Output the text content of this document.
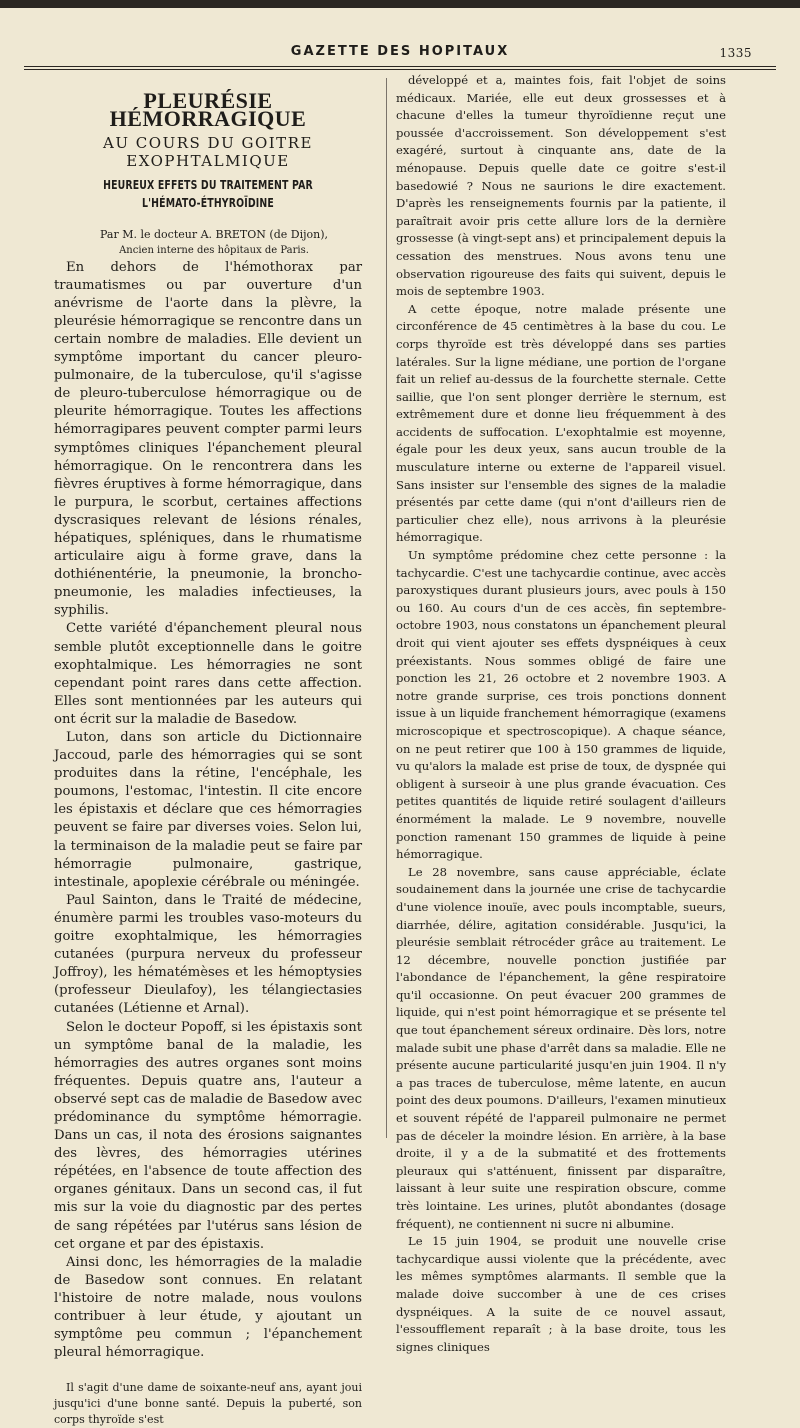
GAZETTE DES HOPITAUX	1335
PLEURÉSIE HÉMORRAGIQUE
AU COURS DU GOITRE EXOPHTALMIQUE
HEUREUX EFFETS DU TRAITEMENT PAR L'HÉMATO-ÉTHYROÏDINE

Par M. le docteur A. BRETON (de Dijon),

Ancien interne des hôpitaux de Paris.

En dehors de l'hémothorax par traumatismes ou par ouverture d'un anévrisme de l'aorte dans la plèvre, la pleurésie hémorragique se rencontre dans un certain nombre de maladies. Elle devient un symptôme important du cancer pleuro-pulmonaire, de la tuberculose, qu'il s'agisse de pleuro-tuberculose hémorragique ou de pleurite hémorragique. Toutes les affections hémorragipares peuvent compter parmi leurs symptômes cliniques l'épanchement pleural hémorragique. On le rencontrera dans les fièvres éruptives à forme hémorragique, dans le purpura, le scorbut, certaines affections dyscrasiques relevant de lésions rénales, hépatiques, spléniques, dans le rhumatisme articulaire aigu à forme grave, dans la dothiénentérie, la pneumonie, la broncho-pneumonie, les maladies infectieuses, la syphilis.

Cette variété d'épanchement pleural nous semble plutôt exceptionnelle dans le goitre exophtalmique. Les hémorragies ne sont cependant point rares dans cette affection. Elles sont mentionnées par les auteurs qui ont écrit sur la maladie de Basedow.

Luton, dans son article du Dictionnaire Jaccoud, parle des hémorragies qui se sont produites dans la rétine, l'encéphale, les poumons, l'estomac, l'intestin. Il cite encore les épistaxis et déclare que ces hémorragies peuvent se faire par diverses voies. Selon lui, la terminaison de la maladie peut se faire par hémorragie pulmonaire, gastrique, intestinale, apoplexie cérébrale ou méningée.

Paul Sainton, dans le Traité de médecine, énumère parmi les troubles vaso-moteurs du goitre exophtalmique, les hémorragies cutanées (purpura nerveux du professeur Joffroy), les hématémèses et les hémoptysies (professeur Dieulafoy), les télangiectasies cutanées (Létienne et Arnal).

Selon le docteur Popoff, si les épistaxis sont un symptôme banal de la maladie, les hémorragies des autres organes sont moins fréquentes. Depuis quatre ans, l'auteur a observé sept cas de maladie de Basedow avec prédominance du symptôme hémorragie. Dans un cas, il nota des érosions saignantes des lèvres, des hémorragies utérines répétées, en l'absence de toute affection des organes génitaux. Dans un second cas, il fut mis sur la voie du diagnostic par des pertes de sang répétées par l'utérus sans lésion de cet organe et par des épistaxis.

Ainsi donc, les hémorragies de la maladie de Basedow sont connues. En relatant l'histoire de notre malade, nous voulons contribuer à leur étude, y ajoutant un symptôme peu commun ; l'épanchement pleural hémorragique.

Il s'agit d'une dame de soixante-neuf ans, ayant joui jusqu'ici d'une bonne santé. Depuis la puberté, son corps thyroïde s'est

développé et a, maintes fois, fait l'objet de soins médicaux. Mariée, elle eut deux grossesses et à chacune d'elles la tumeur thyroïdienne reçut une poussée d'accroissement. Son développement s'est exagéré, surtout à cinquante ans, date de la ménopause. Depuis quelle date ce goitre s'est-il basedowié ? Nous ne saurions le dire exactement. D'après les renseignements fournis par la patiente, il paraîtrait avoir pris cette allure lors de la dernière grossesse (à vingt-sept ans) et principalement depuis la cessation des menstrues. Nous avons tenu une observation rigoureuse des faits qui suivent, depuis le mois de septembre 1903.

A cette époque, notre malade présente une circonférence de 45 centimètres à la base du cou. Le corps thyroïde est très développé dans ses parties latérales. Sur la ligne médiane, une portion de l'organe fait un relief au-dessus de la fourchette sternale. Cette saillie, que l'on sent plonger derrière le sternum, est extrêmement dure et donne lieu fréquemment à des accidents de suffocation. L'exophtalmie est moyenne, égale pour les deux yeux, sans aucun trouble de la musculature interne ou externe de l'appareil visuel. Sans insister sur l'ensemble des signes de la maladie présentés par cette dame (qui n'ont d'ailleurs rien de particulier chez elle), nous arrivons à la pleurésie hémorragique.

Un symptôme prédomine chez cette personne : la tachycardie. C'est une tachycardie continue, avec accès paroxystiques durant plusieurs jours, avec pouls à 150 ou 160. Au cours d'un de ces accès, fin septembre-octobre 1903, nous constatons un épanchement pleural droit qui vient ajouter ses effets dyspnéiques à ceux préexistants. Nous sommes obligé de faire une ponction les 21, 26 octobre et 2 novembre 1903. A notre grande surprise, ces trois ponctions donnent issue à un liquide franchement hémorragique (examens microscopique et spectroscopique). A chaque séance, on ne peut retirer que 100 à 150 grammes de liquide, vu qu'alors la malade est prise de toux, de dyspnée qui obligent à surseoir à une plus grande évacuation. Ces petites quantités de liquide retiré soulagent d'ailleurs énormément la malade. Le 9 novembre, nouvelle ponction ramenant 150 grammes de liquide à peine hémorragique.

Le 28 novembre, sans cause appréciable, éclate soudainement dans la journée une crise de tachycardie d'une violence inouïe, avec pouls incomptable, sueurs, diarrhée, délire, agitation considérable. Jusqu'ici, la pleurésie semblait rétrocéder grâce au traitement. Le 12 décembre, nouvelle ponction justifiée par l'abondance de l'épanchement, la gêne respiratoire qu'il occasionne. On peut évacuer 200 grammes de liquide, qui n'est point hémorragique et se présente tel que tout épanchement séreux ordinaire. Dès lors, notre malade subit une phase d'arrêt dans sa maladie. Elle ne présente aucune particularité jusqu'en juin 1904. Il n'y a pas traces de tuberculose, même latente, en aucun point des deux poumons. D'ailleurs, l'examen minutieux et souvent répété de l'appareil pulmonaire ne permet pas de déceler la moindre lésion. En arrière, à la base droite, il y a de la submatité et des frottements pleuraux qui s'atténuent, finissent par disparaître, laissant à leur suite une respiration obscure, comme très lointaine. Les urines, plutôt abondantes (dosage fréquent), ne contiennent ni sucre ni albumine.

Le 15 juin 1904, se produit une nouvelle crise tachycardique aussi violente que la précédente, avec les mêmes symptômes alarmants. Il semble que la malade doive succomber à une de ces crises dyspnéiques. A la suite de ce nouvel assaut, l'essoufflement reparaît ; à la base droite, tous les signes cliniques
